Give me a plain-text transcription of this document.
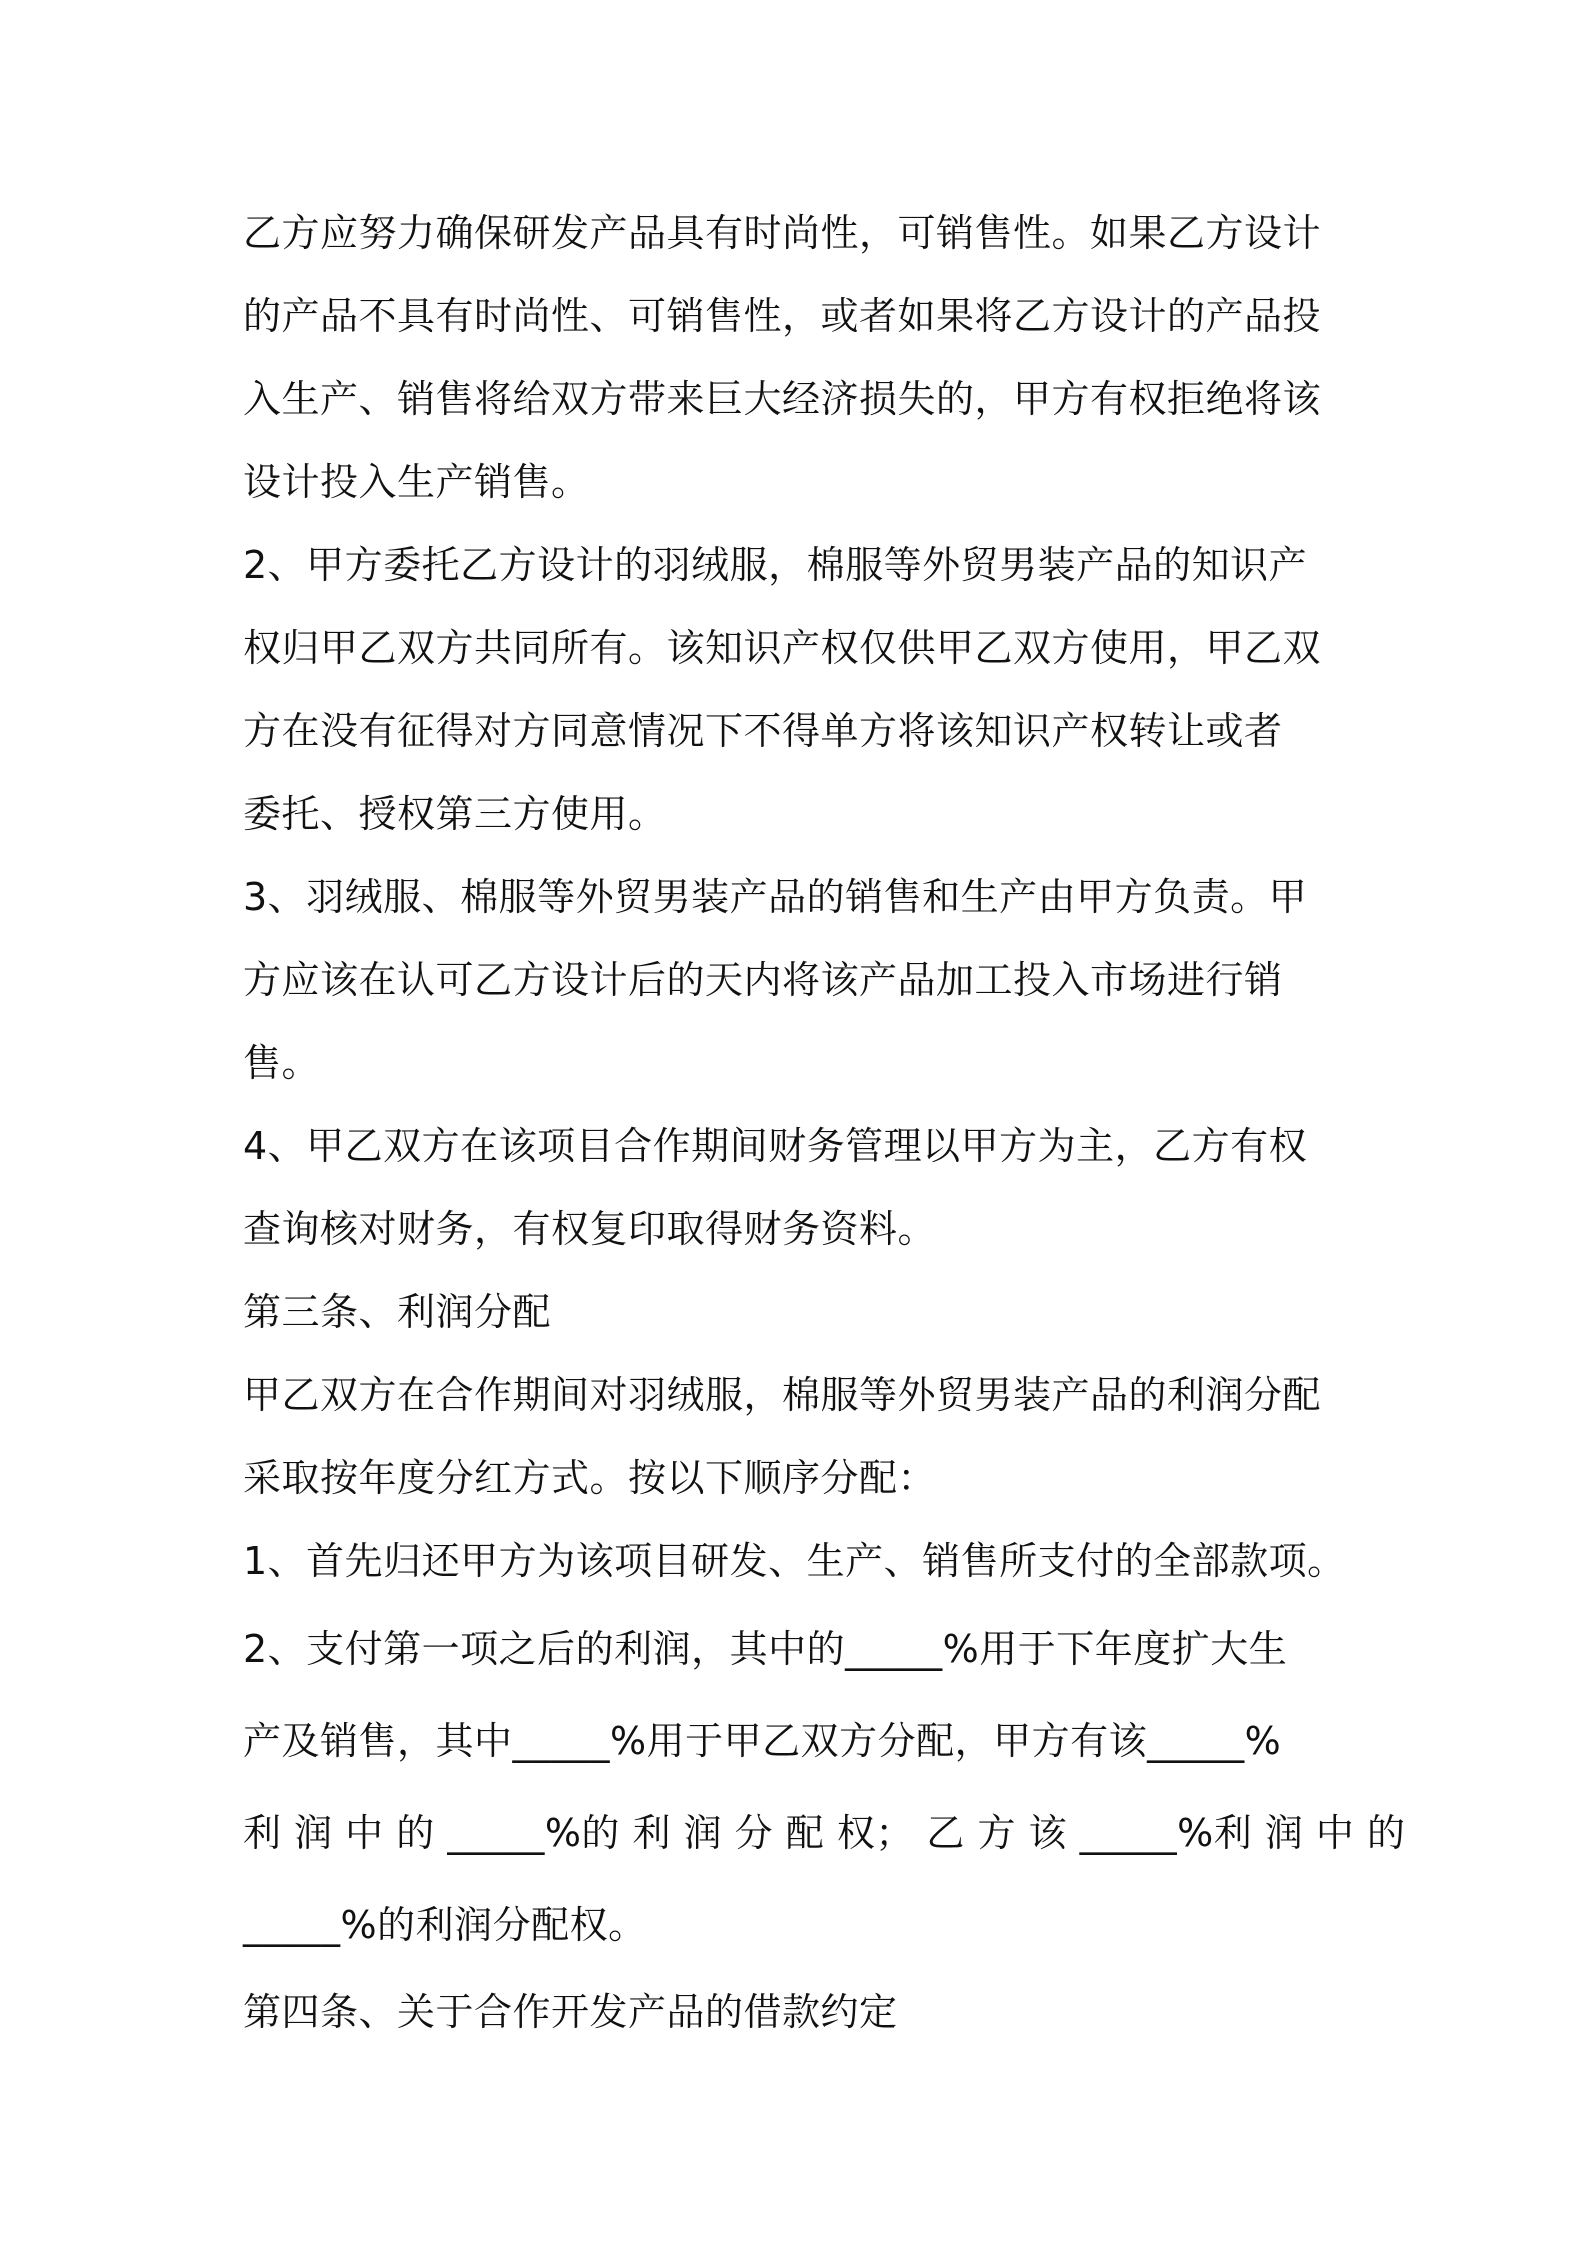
乙方应努力确保研发产品具有时尚性，可销售性。如果乙方设计
的产品不具有时尚性、可销售性，或者如果将乙方设计的产品投
入生产、销售将给双方带来巨大经济损失的，甲方有权拒绝将该
设计投入生产销售。
2、甲方委托乙方设计的羽绒服，棉服等外贸男装产品的知识产
权归甲乙双方共同所有。该知识产权仅供甲乙双方使用，甲乙双
方在没有征得对方同意情况下不得单方将该知识产权转让或者
委托、授权第三方使用。
3、羽绒服、棉服等外贸男装产品的销售和生产由甲方负责。甲
方应该在认可乙方设计后的天内将该产品加工投入市场进行销
售。
4、甲乙双方在该项目合作期间财务管理以甲方为主，乙方有权
查询核对财务，有权复印取得财务资料。
第三条、利润分配
甲乙双方在合作期间对羽绒服，棉服等外贸男装产品的利润分配
采取按年度分红方式。按以下顺序分配：
1、首先归还甲方为该项目研发、生产、销售所支付的全部款项。
2、支付第一项之后的利润，其中的_____%用于下年度扩大生
产及销售，其中_____%用于甲乙双方分配，甲方有该_____%
利 润 中 的 _____%的 利 润 分 配 权； 乙 方 该 _____%利 润 中 的
_____%的利润分配权。
第四条、关于合作开发产品的借款约定
